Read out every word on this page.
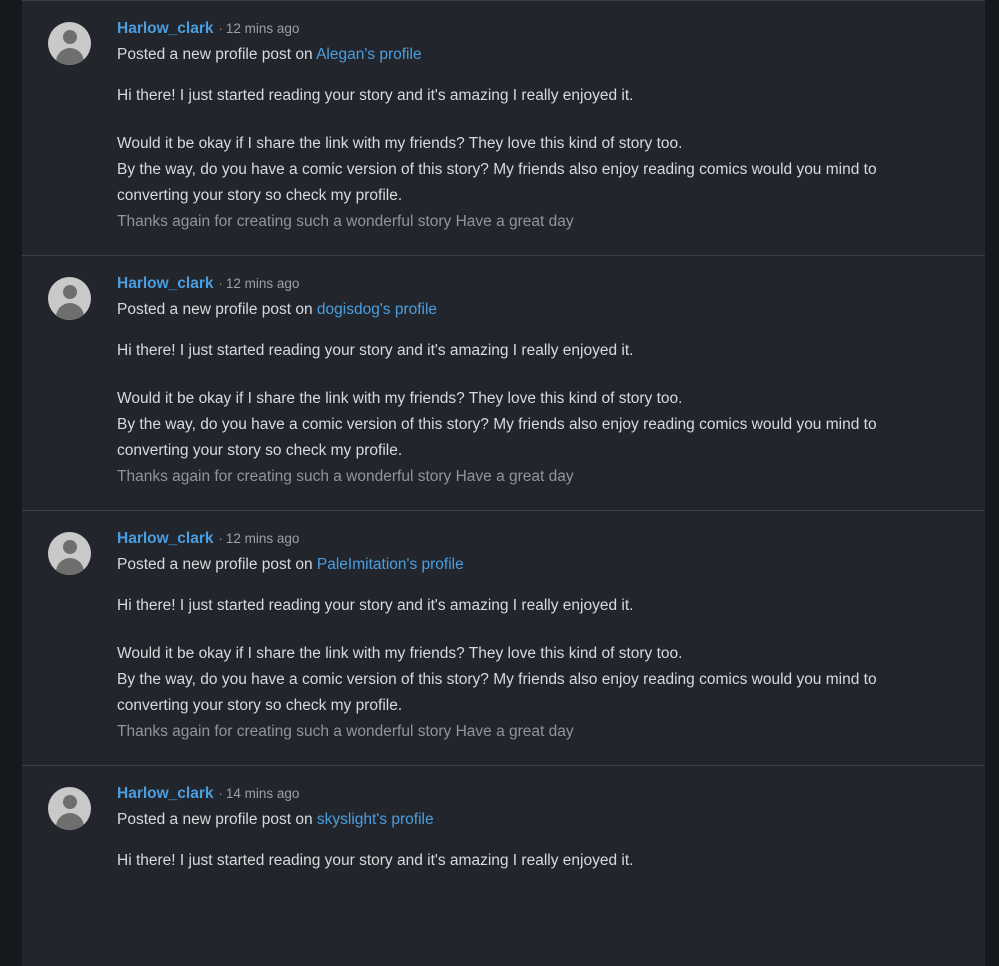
Harlow_clark · 12 mins ago
Posted a new profile post on Alegan's profile

Hi there! I just started reading your story and it's amazing I really enjoyed it.

Would it be okay if I share the link with my friends? They love this kind of story too.

By the way, do you have a comic version of this story? My friends also enjoy reading comics would you mind to converting your story so check my profile.

Thanks again for creating such a wonderful story Have a great day

Harlow_clark · 12 mins ago
Posted a new profile post on dogisdog's profile

Hi there! I just started reading your story and it's amazing I really enjoyed it.

Would it be okay if I share the link with my friends? They love this kind of story too.

By the way, do you have a comic version of this story? My friends also enjoy reading comics would you mind to converting your story so check my profile.

Thanks again for creating such a wonderful story Have a great day

Harlow_clark · 12 mins ago
Posted a new profile post on PaleImitation's profile

Hi there! I just started reading your story and it's amazing I really enjoyed it.

Would it be okay if I share the link with my friends? They love this kind of story too.

By the way, do you have a comic version of this story? My friends also enjoy reading comics would you mind to converting your story so check my profile.

Thanks again for creating such a wonderful story Have a great day

Harlow_clark · 14 mins ago
Posted a new profile post on skyslight's profile

Hi there! I just started reading your story and it's amazing I really enjoyed it.
